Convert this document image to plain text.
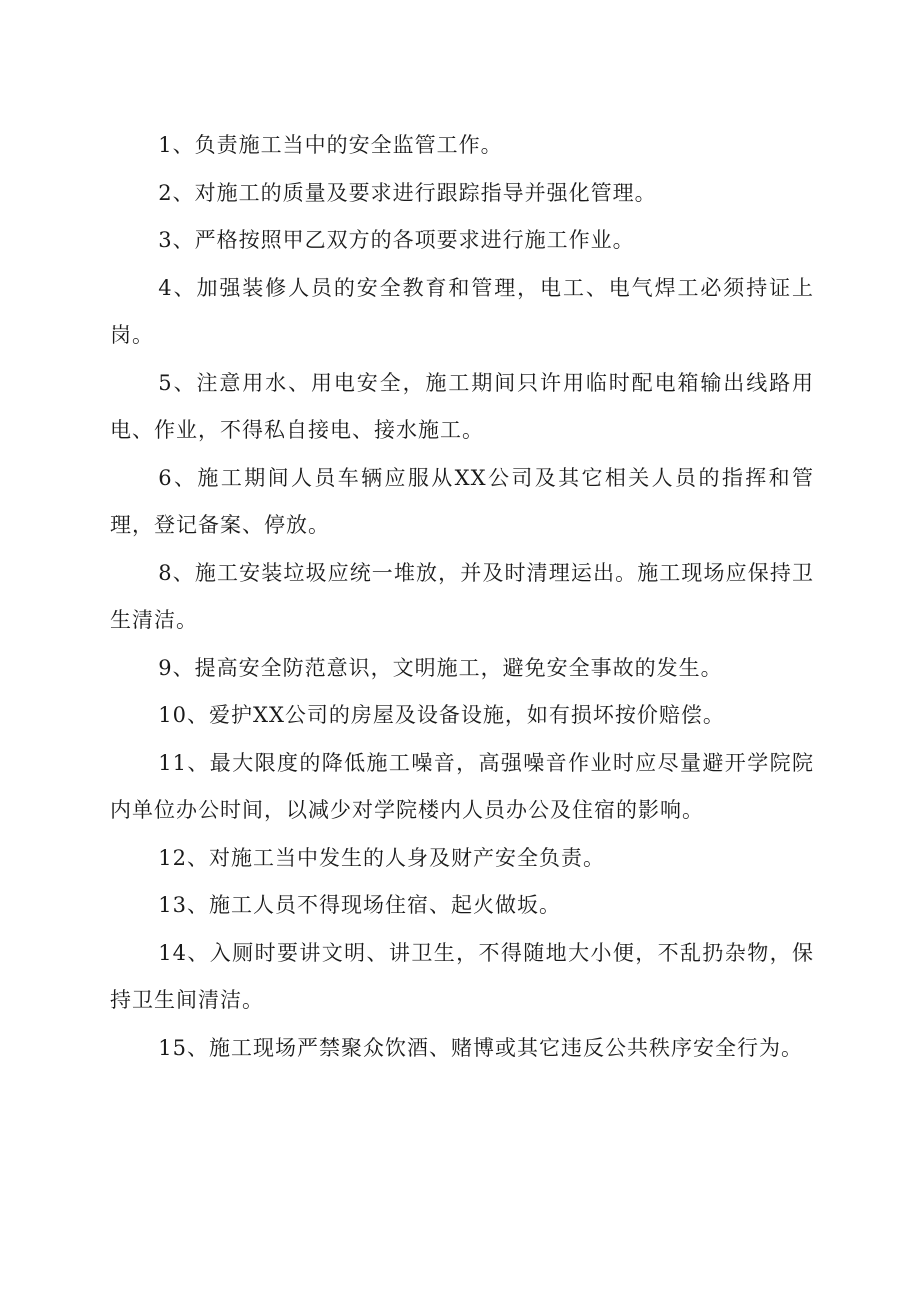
1、负责施工当中的安全监管工作。

2、对施工的质量及要求进行跟踪指导并强化管理。

3、严格按照甲乙双方的各项要求进行施工作业。

4、加强装修人员的安全教育和管理，电工、电气焊工必须持证上岗。

5、注意用水、用电安全，施工期间只许用临时配电箱输出线路用电、作业，不得私自接电、接水施工。

6、施工期间人员车辆应服从XX公司及其它相关人员的指挥和管理，登记备案、停放。

8、施工安装垃圾应统一堆放，并及时清理运出。施工现场应保持卫生清洁。

9、提高安全防范意识，文明施工，避免安全事故的发生。

10、爱护XX公司的房屋及设备设施，如有损坏按价赔偿。

11、最大限度的降低施工噪音，高强噪音作业时应尽量避开学院院内单位办公时间，以减少对学院楼内人员办公及住宿的影响。

12、对施工当中发生的人身及财产安全负责。

13、施工人员不得现场住宿、起火做坂。

14、入厕时要讲文明、讲卫生，不得随地大小便，不乱扔杂物，保持卫生间清洁。

15、施工现场严禁聚众饮酒、赌博或其它违反公共秩序安全行为。
